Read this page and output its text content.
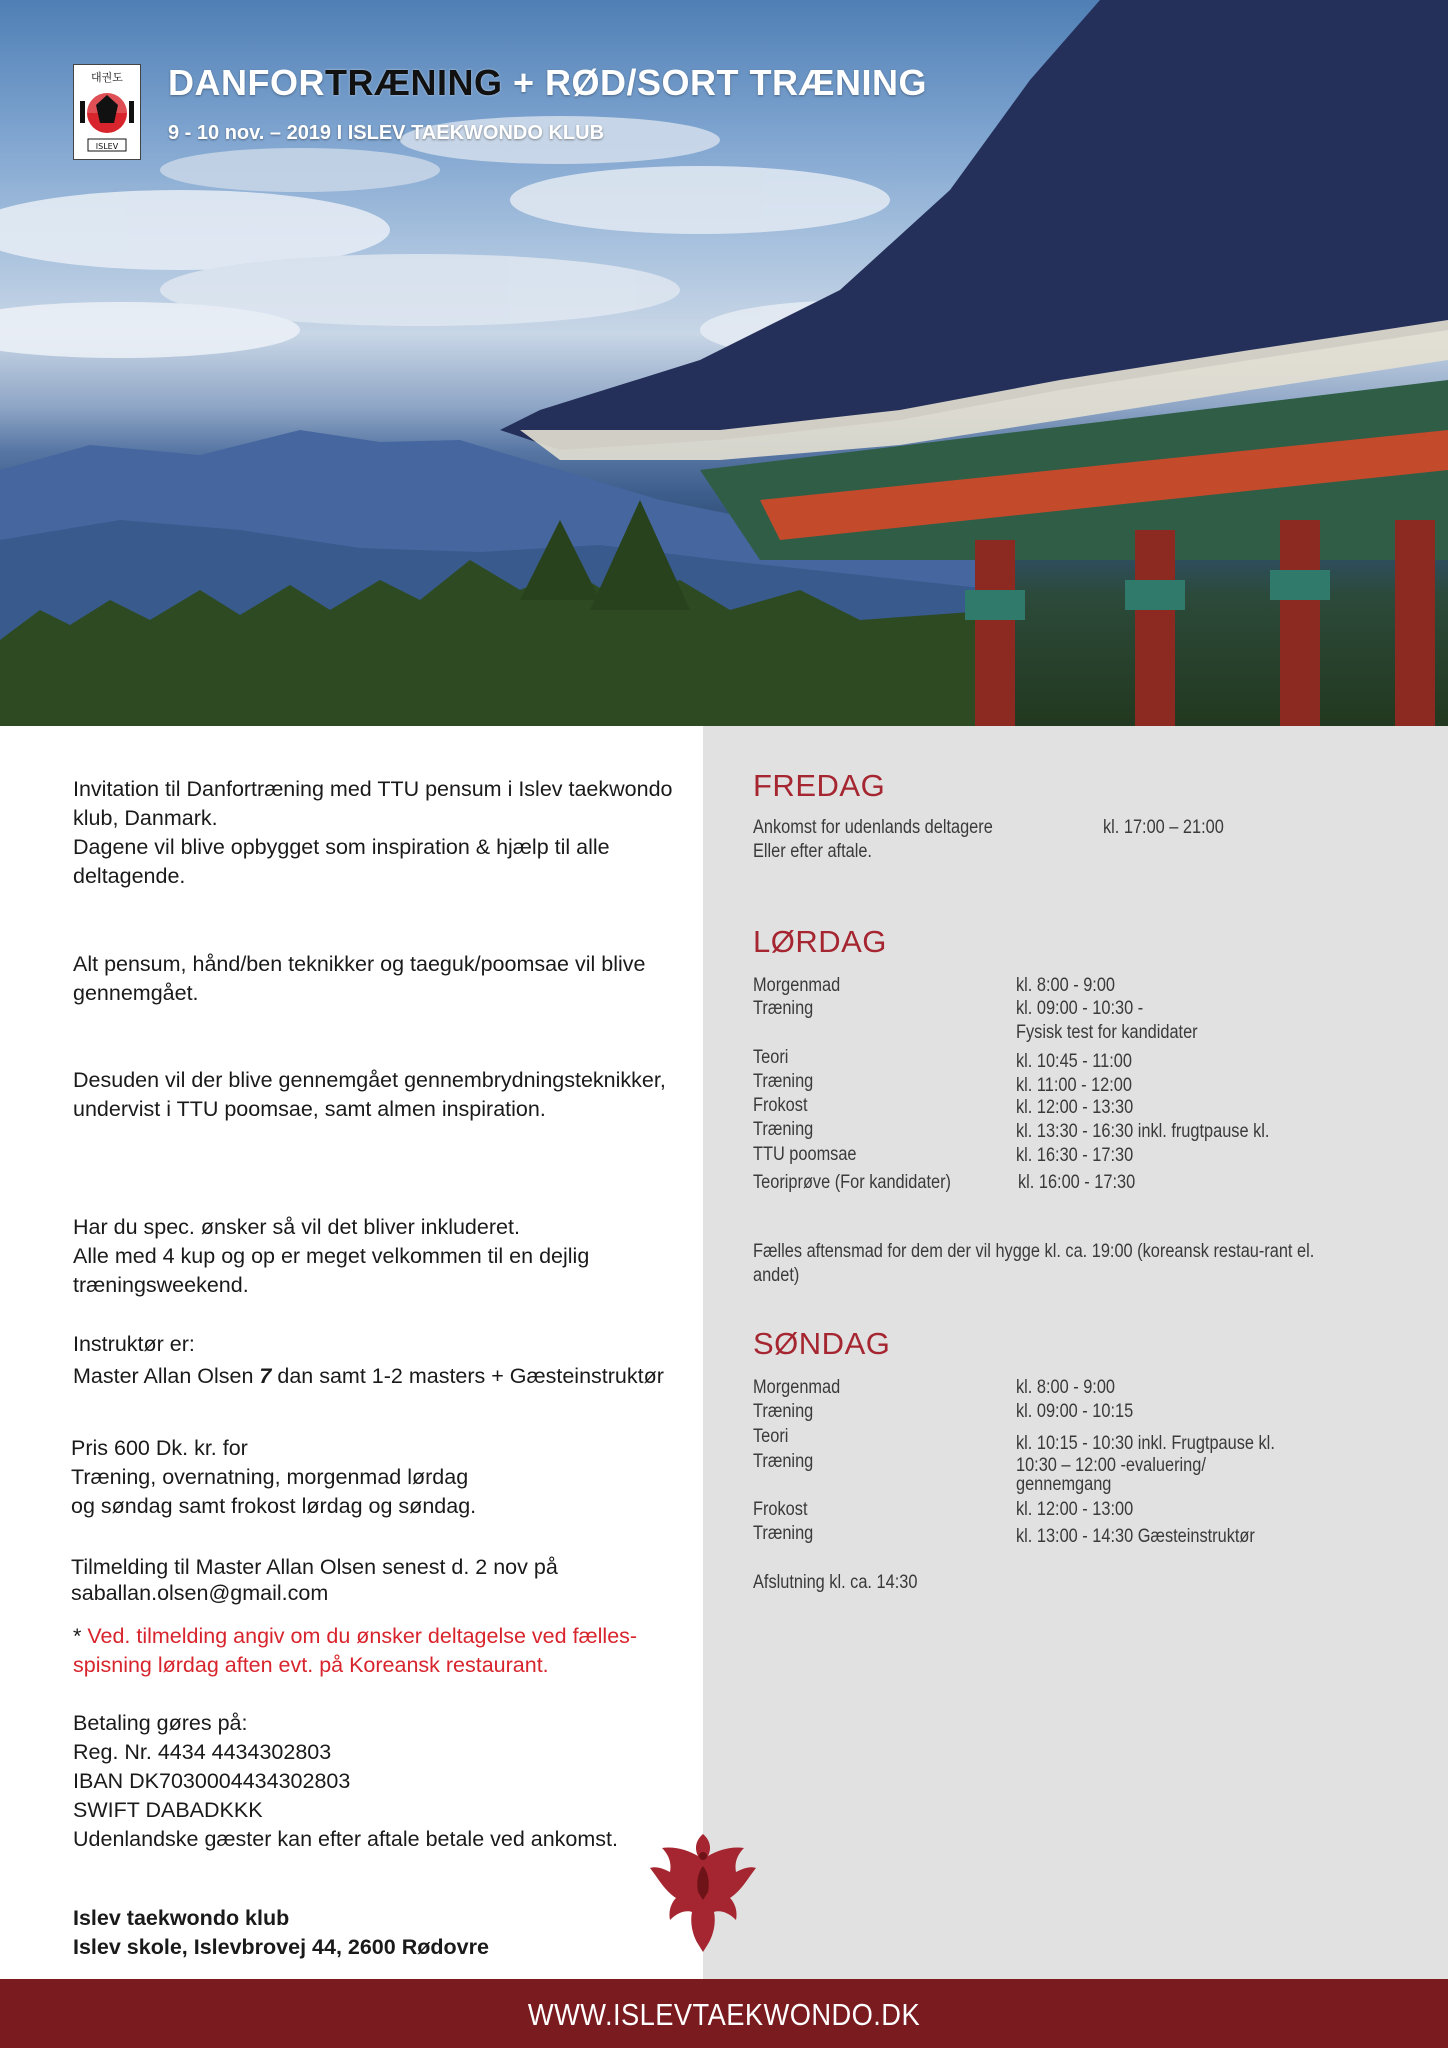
대권도
ISLEV
DANFORTRÆNING + RØD/SORT TRÆNING
9 - 10 nov. – 2019 I ISLEV TAEKWONDO KLUB

Invitation til Danfortræning med TTU pensum i Islev taekwondo klub, Danmark.
Dagene vil blive opbygget som inspiration & hjælp til alle deltagende.

Alt pensum, hånd/ben teknikker og taeguk/poomsae vil blive gennemgået.

Desuden vil der blive gennemgået gennembrydningsteknikker, undervist i TTU poomsae, samt almen inspiration.

Har du spec. ønsker så vil det bliver inkluderet.
Alle med 4 kup og op er meget velkommen til en dejlig træningsweekend.

Instruktør er:

Master Allan Olsen 7 dan samt 1-2 masters + Gæsteinstruktør

Pris 600 Dk. kr. for
Træning, overnatning, morgenmad lørdag
og søndag samt frokost lørdag og søndag.

Tilmelding til Master Allan Olsen senest d. 2 nov på
saballan.olsen@gmail.com

* Ved. tilmelding angiv om du ønsker deltagelse ved fælles-spisning lørdag aften evt. på Koreansk restaurant.

Betaling gøres på:
Reg. Nr. 4434 4434302803
IBAN DK7030004434302803
SWIFT DABADKKK
Udenlandske gæster kan efter aftale betale ved ankomst.

Islev taekwondo klub
Islev skole, Islevbrovej 44, 2600 Rødovre

FREDAG
Ankomst for udenlands deltagere	kl. 17:00 – 21:00
Eller efter aftale.
LØRDAG
Morgenmad	kl. 8:00 - 9:00
Træning	kl. 09:00 - 10:30 -
Fysisk test for kandidater
Teori	kl. 10:45 - 11:00
Træning	kl. 11:00 - 12:00
Frokost	kl. 12:00 - 13:30
Træning	kl. 13:30 - 16:30 inkl. frugtpause kl.
TTU poomsae	kl. 16:30 - 17:30
Teoriprøve (For kandidater)	kl. 16:00 - 17:30
Fælles aftensmad for dem der vil hygge kl. ca. 19:00 (koreansk restau-rant el. andet)
SØNDAG
Morgenmad	kl. 8:00 - 9:00
Træning	kl. 09:00 - 10:15
Teori	kl. 10:15 - 10:30 inkl. Frugtpause kl.
Træning	10:30 – 12:00 -evaluering/
gennemgang
Frokost	kl. 12:00 - 13:00
Træning	kl. 13:00 - 14:30 Gæsteinstruktør
Afslutning kl. ca. 14:30
WWW.ISLEVTAEKWONDO.DK
